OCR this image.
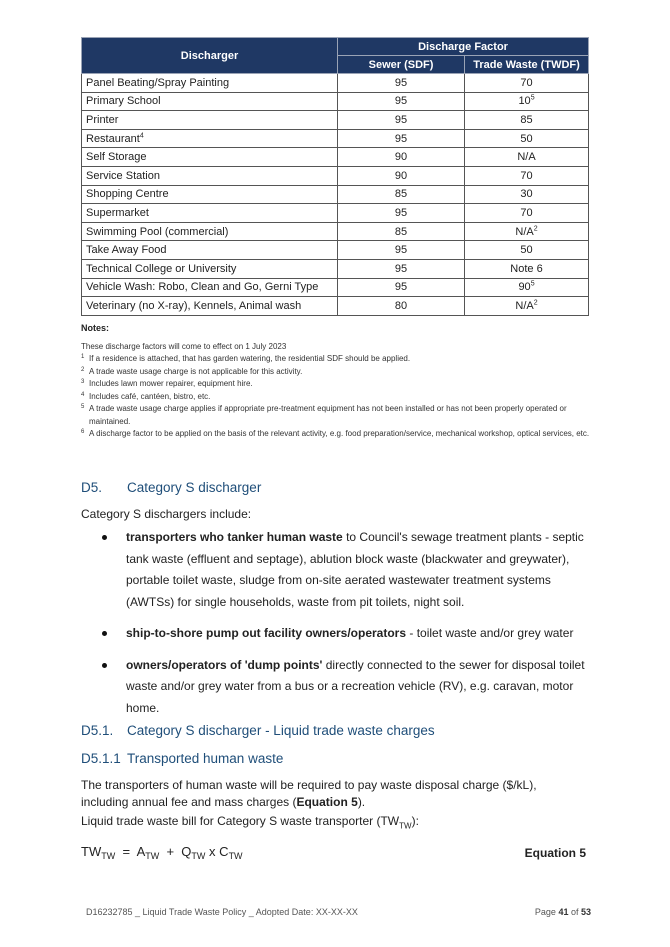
Discharger	Discharge Factor	
	Sewer (SDF)	Trade Waste (TWDF)
Panel Beating/Spray Painting	95	70
Primary School	95	$10^5$
Printer	95	85
Restaurant$^4$	95	50
Self Storage	90	N/A
Service Station	90	70
Shopping Centre	85	30
Supermarket	95	70
Swimming Pool (commercial)	85	$N/A^2$
Take Away Food	95	50
Technical College or University	95	Note 6
Vehicle Wash: Robo, Clean and Go, Gerni Type	95	$90^5$
Veterinary (no X-ray), Kennels, Animal wash	80	$N/A^2$
Notes:
These discharge factors will come to effect on 1 July 2023
1 If a residence is attached, that has garden watering, the residential SDF should be applied.
2 A trade waste usage charge is not applicable for this activity.
3 Includes lawn mower repairer, equipment hire.
4 Includes café, cantéen, bistro, etc.
5 A trade waste usage charge applies if appropriate pre-treatment equipment has not been installed or has not been properly operated or maintained.
6 A discharge factor to be applied on the basis of the relevant activity, e.g. food preparation/service, mechanical workshop, optical services, etc.
D5. Category S discharger
Category S dischargers include:
transporters who tanker human waste to Council's sewage treatment plants - septic tank waste (effluent and septage), ablution block waste (blackwater and greywater), portable toilet waste, sludge from on-site aerated wastewater treatment systems (AWTSs) for single households, waste from pit toilets, night soil.
ship-to-shore pump out facility owners/operators - toilet waste and/or grey water
owners/operators of 'dump points' directly connected to the sewer for disposal toilet waste and/or grey water from a bus or a recreation vehicle (RV), e.g. caravan, motor home.
D5.1. Category S discharger - Liquid trade waste charges
D5.1.1 Transported human waste
The transporters of human waste will be required to pay waste disposal charge ($/kL), including annual fee and mass charges (Equation 5).
Liquid trade waste bill for Category S waste transporter $(TW_{TW})$:
$TW_{TW} = A_{TW} + Q_{TW}$ x $C_{TW}$	Equation 5
D16232785 _ Liquid Trade Waste Policy _ Adopted Date: XX-XX-XX	Page 41 of 53
